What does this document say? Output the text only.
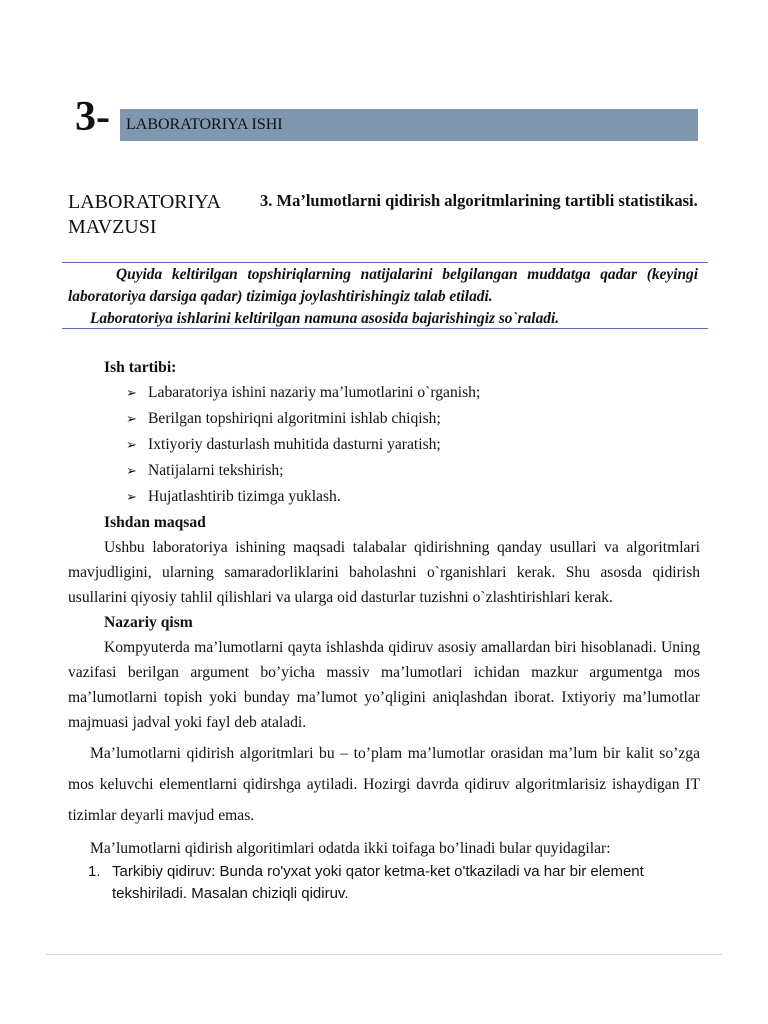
3- LABORATORIYA ISHI
LABORATORIYA MAVZUSI
3. Ma’lumotlarni qidirish algoritmlarining tartibli statistikasi.

Quyida keltirilgan topshiriqlarning natijalarini belgilangan muddatga qadar (keyingi laboratoriya darsiga qadar) tizimiga joylashtirishingiz talab etiladi.

Laboratoriya ishlarini keltirilgan namuna asosida bajarishingiz so`raladi.

Ish tartibi:

➢ Labaratoriya ishini nazariy ma’lumotlarini o`rganish;
➢ Berilgan topshiriqni algoritmini ishlab chiqish;
➢ Ixtiyoriy dasturlash muhitida dasturni yaratish;
➢ Natijalarni tekshirish;
➢ Hujatlashtirib tizimga yuklash.

Ishdan maqsad

Ushbu laboratoriya ishining maqsadi talabalar qidirishning qanday usullari va algoritmlari mavjudligini, ularning samaradorliklarini baholashni o`rganishlari kerak. Shu asosda qidirish usullarini qiyosiy tahlil qilishlari va ularga oid dasturlar tuzishni o`zlashtirishlari kerak.

Nazariy qism

Kompyuterda ma’lumotlarni qayta ishlashda qidiruv asosiy amallardan biri hisoblanadi. Uning vazifasi berilgan argument bo’yicha massiv ma’lumotlari ichidan mazkur argumentga mos ma’lumotlarni topish yoki bunday ma’lumot yo’qligini aniqlashdan iborat. Ixtiyoriy ma’lumotlar majmuasi jadval yoki fayl deb ataladi.

Ma’lumotlarni qidirish algoritmlari bu – to’plam ma’lumotlar orasidan ma’lum bir kalit so’zga mos keluvchi elementlarni qidirshga aytiladi. Hozirgi davrda qidiruv algoritmlarisiz ishaydigan IT tizimlar deyarli mavjud emas.

Ma’lumotlarni qidirish algoritimlari odatda ikki toifaga bo’linadi bular quyidagilar:

1. Tarkibiy qidiruv: Bunda ro'yxat yoki qator ketma-ket o'tkaziladi va har bir element tekshiriladi. Masalan chiziqli qidiruv.
